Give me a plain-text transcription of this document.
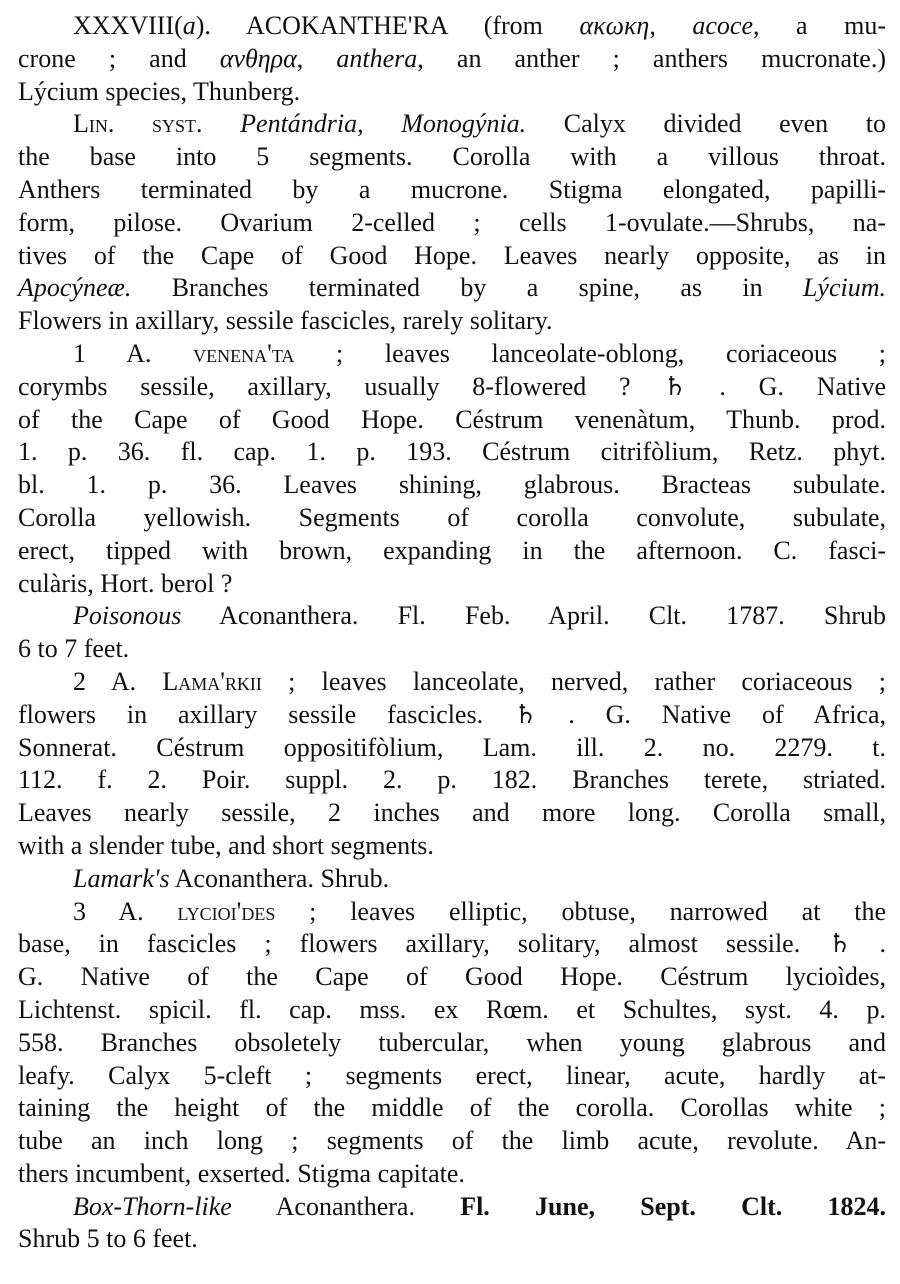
XXXVIII(a). ACOKANTHE'RA (from ακωκη, acoce, a mu-
crone ; and ανθηρα, anthera, an anther ; anthers mucronate.)
Lýcium species, Thunberg.
Lin. syst. Pentándria, Monogýnia. Calyx divided even to
the base into 5 segments. Corolla with a villous throat.
Anthers terminated by a mucrone. Stigma elongated, papilli-
form, pilose. Ovarium 2-celled ; cells 1-ovulate.—Shrubs, na-
tives of the Cape of Good Hope. Leaves nearly opposite, as in
Apocýneæ. Branches terminated by a spine, as in Lýcium.
Flowers in axillary, sessile fascicles, rarely solitary.
1 A. venena'ta ; leaves lanceolate-oblong, coriaceous ;
corymbs sessile, axillary, usually 8-flowered ? ♄ . G. Native
of the Cape of Good Hope. Céstrum venenàtum, Thunb. prod.
1. p. 36. fl. cap. 1. p. 193. Céstrum citrifòlium, Retz. phyt.
bl. 1. p. 36. Leaves shining, glabrous. Bracteas subulate.
Corolla yellowish. Segments of corolla convolute, subulate,
erect, tipped with brown, expanding in the afternoon. C. fasci-
culàris, Hort. berol ?
Poisonous Aconanthera. Fl. Feb. April. Clt. 1787. Shrub
6 to 7 feet.
2 A. Lama'rkii ; leaves lanceolate, nerved, rather coriaceous ;
flowers in axillary sessile fascicles. ♄ . G. Native of Africa,
Sonnerat. Céstrum oppositifòlium, Lam. ill. 2. no. 2279. t.
112. f. 2. Poir. suppl. 2. p. 182. Branches terete, striated.
Leaves nearly sessile, 2 inches and more long. Corolla small,
with a slender tube, and short segments.
Lamark's Aconanthera. Shrub.
3 A. lycioi'des ; leaves elliptic, obtuse, narrowed at the
base, in fascicles ; flowers axillary, solitary, almost sessile. ♄ .
G. Native of the Cape of Good Hope. Céstrum lycioìdes,
Lichtenst. spicil. fl. cap. mss. ex Rœm. et Schultes, syst. 4. p.
558. Branches obsoletely tubercular, when young glabrous and
leafy. Calyx 5-cleft ; segments erect, linear, acute, hardly at-
taining the height of the middle of the corolla. Corollas white ;
tube an inch long ; segments of the limb acute, revolute. An-
thers incumbent, exserted. Stigma capitate.
Box-Thorn-like Aconanthera. Fl. June, Sept. Clt. 1824.
Shrub 5 to 6 feet.
